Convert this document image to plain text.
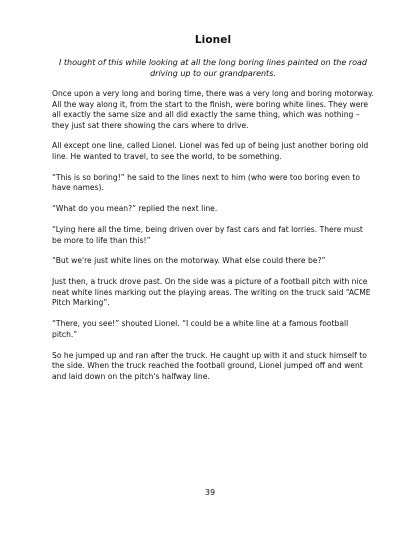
Lionel

I thought of this while looking at all the long boring lines painted on the road driving up to our grandparents.

Once upon a very long and boring time, there was a very long and boring motorway. All the way along it, from the start to the finish, were boring white lines. They were all exactly the same size and all did exactly the same thing, which was nothing – they just sat there showing the cars where to drive.

All except one line, called Lionel. Lionel was fed up of being just another boring old line. He wanted to travel, to see the world, to be something.

“This is so boring!” he said to the lines next to him (who were too boring even to have names).

“What do you mean?” replied the next line.

“Lying here all the time, being driven over by fast cars and fat lorries. There must be more to life than this!”

“But we're just white lines on the motorway. What else could there be?”

Just then, a truck drove past. On the side was a picture of a football pitch with nice neat white lines marking out the playing areas. The writing on the truck said “ACME Pitch Marking”.

“There, you see!” shouted Lionel. “I could be a white line at a famous football pitch.”

So he jumped up and ran after the truck. He caught up with it and stuck himself to the side. When the truck reached the football ground, Lionel jumped off and went and laid down on the pitch's halfway line.

39
